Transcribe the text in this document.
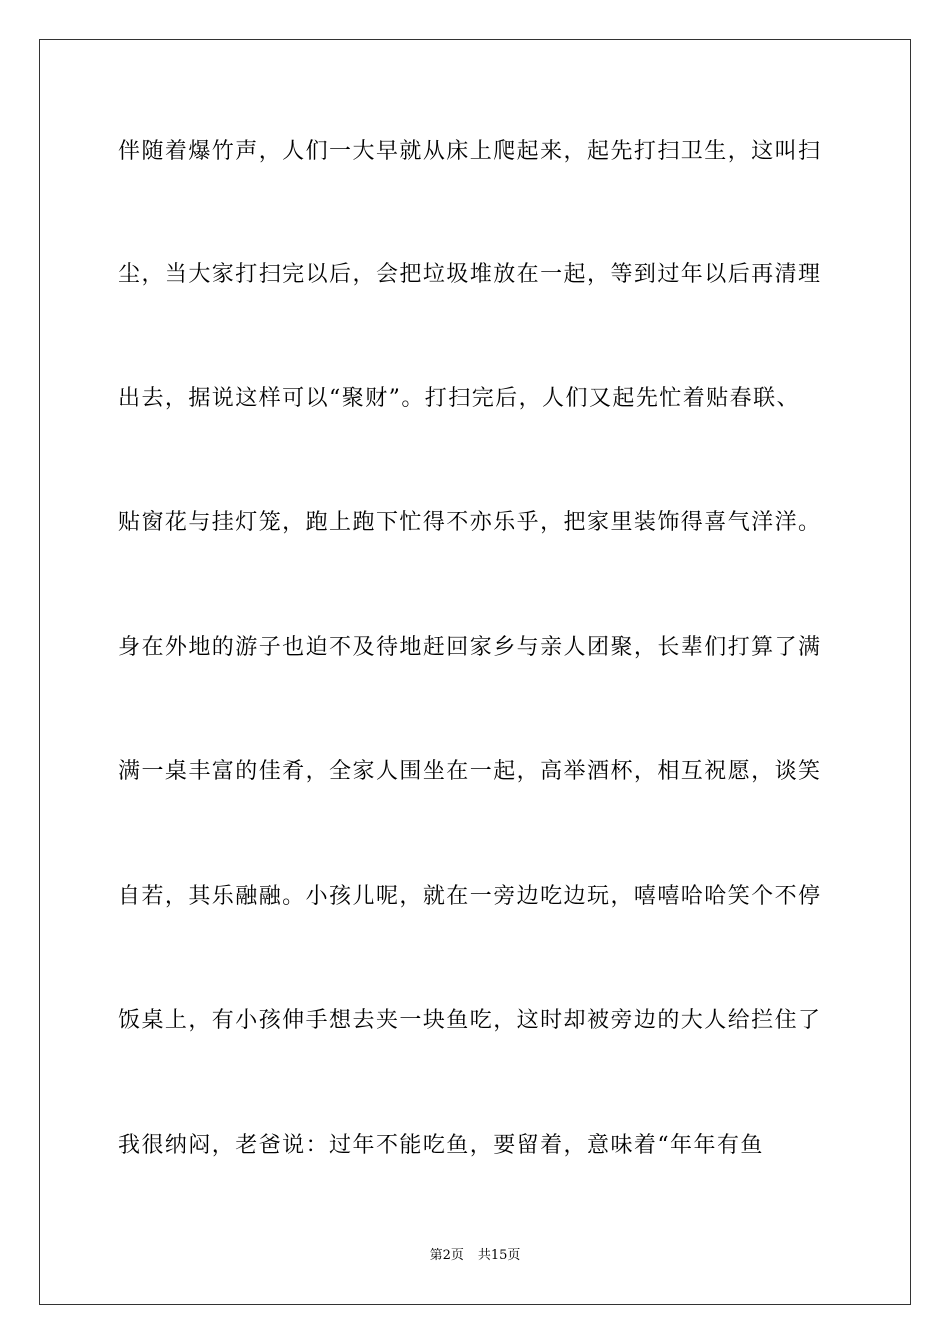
伴随着爆竹声，人们一大早就从床上爬起来，起先打扫卫生，这叫扫
尘，当大家打扫完以后，会把垃圾堆放在一起，等到过年以后再清理
出去，据说这样可以“聚财”。打扫完后，人们又起先忙着贴春联、
贴窗花与挂灯笼，跑上跑下忙得不亦乐乎，把家里装饰得喜气洋洋。
身在外地的游子也迫不及待地赶回家乡与亲人团聚，长辈们打算了满
满一桌丰富的佳肴，全家人围坐在一起，高举酒杯，相互祝愿，谈笑
自若，其乐融融。小孩儿呢，就在一旁边吃边玩，嘻嘻哈哈笑个不停
饭桌上，有小孩伸手想去夹一块鱼吃，这时却被旁边的大人给拦住了
我很纳闷，老爸说：过年不能吃鱼，要留着，意味着“年年有鱼
第2页 共15页
